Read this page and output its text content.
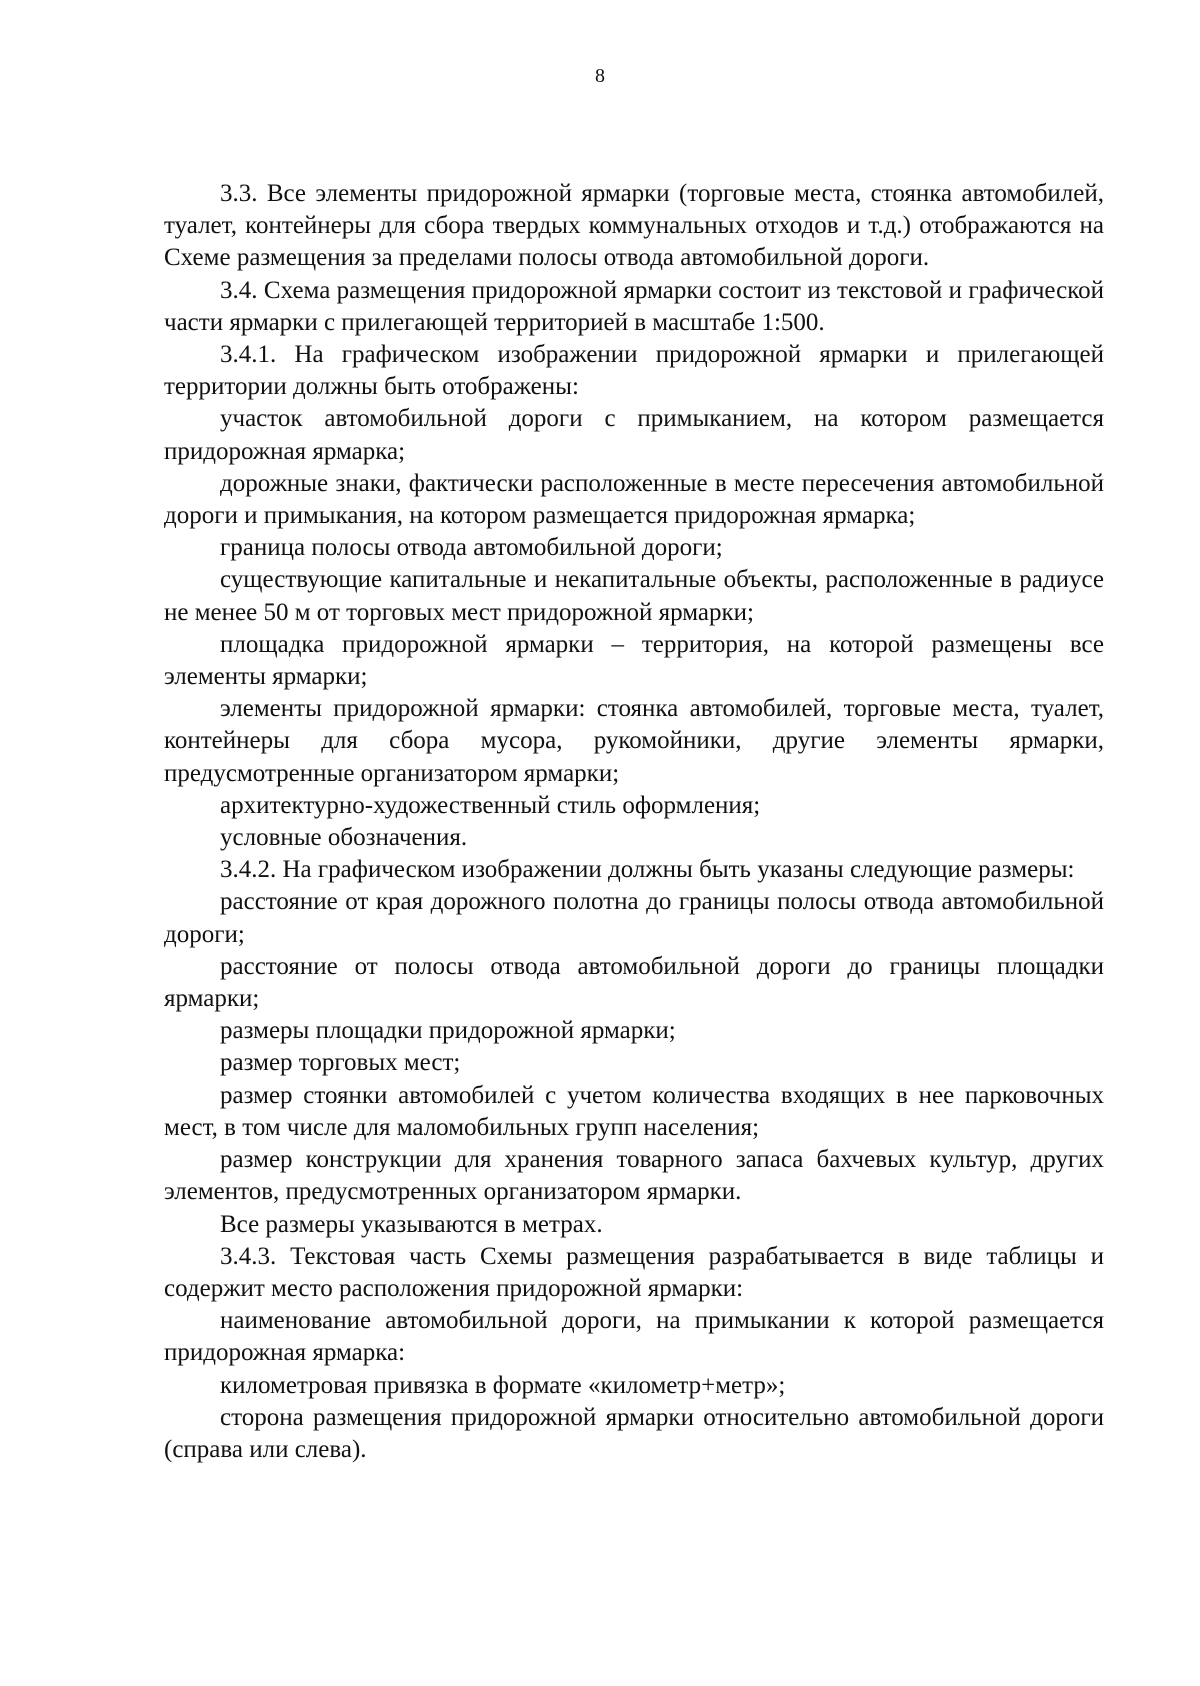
8

3.3. Все элементы придорожной ярмарки (торговые места, стоянка автомобилей, туалет, контейнеры для сбора твердых коммунальных отходов и т.д.) отображаются на Схеме размещения за пределами полосы отвода автомобильной дороги.

3.4. Схема размещения придорожной ярмарки состоит из текстовой и графической части ярмарки с прилегающей территорией в масштабе 1:500.

3.4.1. На графическом изображении придорожной ярмарки и прилегающей территории должны быть отображены:

участок автомобильной дороги с примыканием, на котором размещается придорожная ярмарка;

дорожные знаки, фактически расположенные в месте пересечения автомобильной дороги и примыкания, на котором размещается придорожная ярмарка;

граница полосы отвода автомобильной дороги;

существующие капитальные и некапитальные объекты, расположенные в радиусе не менее 50 м от торговых мест придорожной ярмарки;

площадка придорожной ярмарки – территория, на которой размещены все элементы ярмарки;

элементы придорожной ярмарки: стоянка автомобилей, торговые места, туалет, контейнеры для сбора мусора, рукомойники, другие элементы ярмарки, предусмотренные организатором ярмарки;

архитектурно-художественный стиль оформления;

условные обозначения.

3.4.2. На графическом изображении должны быть указаны следующие размеры:

расстояние от края дорожного полотна до границы полосы отвода автомобильной дороги;

расстояние от полосы отвода автомобильной дороги до границы площадки ярмарки;

размеры площадки придорожной ярмарки;

размер торговых мест;

размер стоянки автомобилей с учетом количества входящих в нее парковочных мест, в том числе для маломобильных групп населения;

размер конструкции для хранения товарного запаса бахчевых культур, других элементов, предусмотренных организатором ярмарки.

Все размеры указываются в метрах.

3.4.3. Текстовая часть Схемы размещения разрабатывается в виде таблицы и содержит место расположения придорожной ярмарки:

наименование автомобильной дороги, на примыкании к которой размещается придорожная ярмарка:

километровая привязка в формате «километр+метр»;

сторона размещения придорожной ярмарки относительно автомобильной дороги (справа или слева).
